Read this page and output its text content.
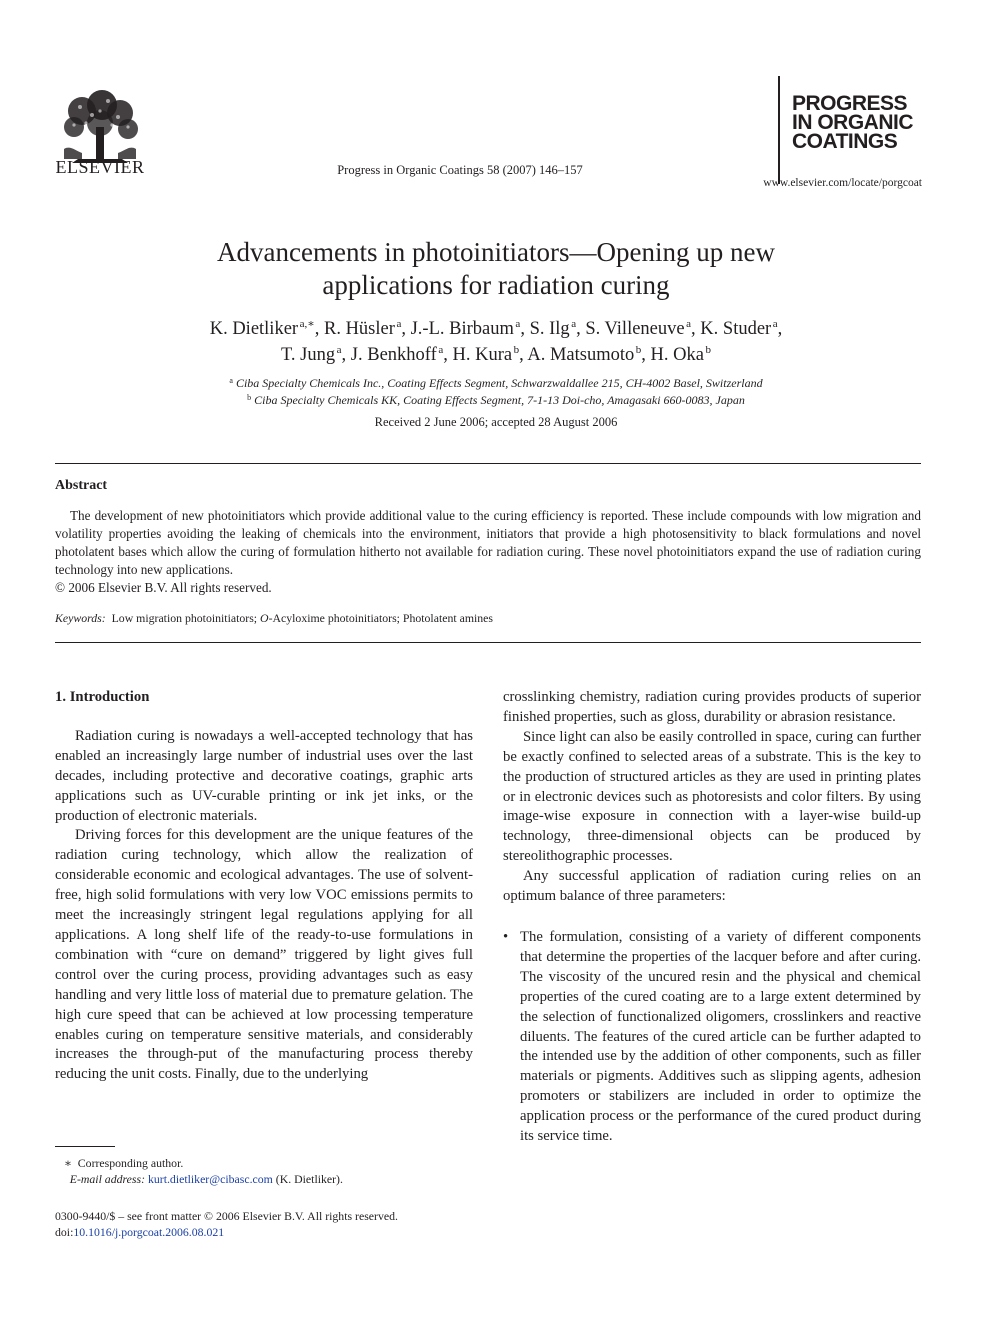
ELSEVIER	Progress in Organic Coatings 58 (2007) 146–157
PROGRESS
IN ORGANIC
COATINGS
www.elsevier.com/locate/porgcoat
Advancements in photoinitiators—Opening up new
applications for radiation curing
K. Dietliker  $^{a,∗}$, R. Hüsler  $^a$, J.-L. Birbaum  $^a$, S. Ilg  $^a$, S. Villeneuve  $^a$, K. Studer  $^a$,
T. Jung  $^a$, J. Benkhoff  $^a$, H. Kura  $^b$, A. Matsumoto  $^b$, H. Oka  $^b$
$^a$ Ciba Specialty Chemicals Inc., Coating Effects Segment, Schwarzwaldallee 215, CH-4002 Basel, Switzerland
$^b$ Ciba Specialty Chemicals KK, Coating Effects Segment, 7-1-13 Doi-cho, Amagasaki 660-0083, Japan
Received 2 June 2006; accepted 28 August 2006
Abstract
The development of new photoinitiators which provide additional value to the curing efficiency is reported. These include compounds with low migration and volatility properties avoiding the leaking of chemicals into the environment, initiators that provide a high photosensitivity to black formulations and novel photolatent bases which allow the curing of formulation hitherto not available for radiation curing. These novel photoinitiators expand the use of radiation curing technology into new applications.
© 2006 Elsevier B.V. All rights reserved.
Keywords: Low migration photoinitiators; O-Acyloxime photoinitiators; Photolatent amines
1. Introduction

Radiation curing is nowadays a well-accepted technology that has enabled an increasingly large number of industrial uses over the last decades, including protective and decorative coatings, graphic arts applications such as UV-curable printing or ink jet inks, or the production of electronic materials.

Driving forces for this development are the unique features of the radiation curing technology, which allow the realization of considerable economic and ecological advantages. The use of solvent-free, high solid formulations with very low VOC emissions permits to meet the increasingly stringent legal regulations applying for all applications. A long shelf life of the ready-to-use formulations in combination with “cure on demand” triggered by light gives full control over the curing process, providing advantages such as easy handling and very little loss of material due to premature gelation. The high cure speed that can be achieved at low processing temperature enables curing on temperature sensitive materials, and considerably increases the through-put of the manufacturing process thereby reducing the unit costs. Finally, due to the underlying

crosslinking chemistry, radiation curing provides products of superior finished properties, such as gloss, durability or abrasion resistance.

Since light can also be easily controlled in space, curing can further be exactly confined to selected areas of a substrate. This is the key to the production of structured articles as they are used in printing plates or in electronic devices such as photoresists and color filters. By using image-wise exposure in connection with a layer-wise build-up technology, three-dimensional objects can be produced by stereolithographic processes.

Any successful application of radiation curing relies on an optimum balance of three parameters:

• The formulation, consisting of a variety of different components that determine the properties of the lacquer before and after curing. The viscosity of the uncured resin and the physical and chemical properties of the cured coating are to a large extent determined by the selection of functionalized oligomers, crosslinkers and reactive diluents. The features of the cured article can be further adapted to the intended use by the addition of other components, such as filler materials or pigments. Additives such as slipping agents, adhesion promoters or stabilizers are included in order to optimize the application process or the performance of the cured product during its service time.
∗ Corresponding author.
E-mail address: kurt.dietliker@cibasc.com (K. Dietliker).
0300-9440/$ – see front matter © 2006 Elsevier B.V. All rights reserved.
doi:10.1016/j.porgcoat.2006.08.021
